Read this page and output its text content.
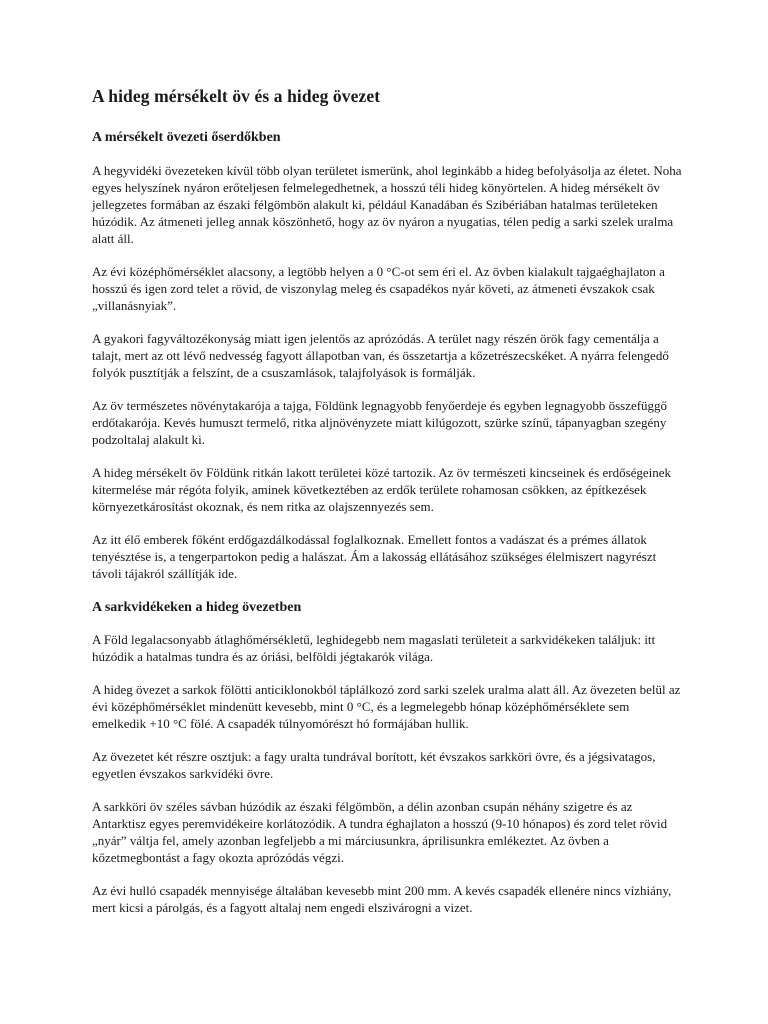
A hideg mérsékelt öv és a hideg övezet
A mérsékelt övezeti őserdőkben

A hegyvidéki övezeteken kívül több olyan területet ismerünk, ahol leginkább a hideg befolyásolja az életet. Noha egyes helyszínek nyáron erőteljesen felmelegedhetnek, a hosszú téli hideg könyörtelen. A hideg mérsékelt öv jellegzetes formában az északi félgömbön alakult ki, például Kanadában és Szibériában hatalmas területeken húzódik. Az átmeneti jelleg annak köszönhető, hogy az öv nyáron a nyugatias, télen pedig a sarki szelek uralma alatt áll.

Az évi középhőmérséklet alacsony, a legtöbb helyen a 0 °C-ot sem éri el. Az övben kialakult tajgaéghajlaton a hosszú és igen zord telet a rövid, de viszonylag meleg és csapadékos nyár követi, az átmeneti évszakok csak „villanásnyiak”.

A gyakori fagyváltozékonyság miatt igen jelentős az aprózódás. A terület nagy részén örök fagy cementálja a talajt, mert az ott lévő nedvesség fagyott állapotban van, és összetartja a kőzetrészecskéket. A nyárra felengedő folyók pusztítják a felszínt, de a csuszamlások, talajfolyások is formálják.

Az öv természetes növénytakarója a tajga, Földünk legnagyobb fenyőerdeje és egyben legnagyobb összefüggő erdőtakarója. Kevés humuszt termelő, ritka aljnövényzete miatt kilúgozott, szürke színű, tápanyagban szegény podzoltalaj alakult ki.

A hideg mérsékelt öv Földünk ritkán lakott területei közé tartozik. Az öv természeti kincseinek és erdőségeinek kitermelése már régóta folyik, aminek következtében az erdők területe rohamosan csökken, az építkezések környezetkárosítást okoznak, és nem ritka az olajszennyezés sem.

Az itt élő emberek főként erdőgazdálkodással foglalkoznak. Emellett fontos a vadászat és a prémes állatok tenyésztése is, a tengerpartokon pedig a halászat. Ám a lakosság ellátásához szükséges élelmiszert nagyrészt távoli tájakról szállítják ide.

A sarkvidékeken a hideg övezetben

A Föld legalacsonyabb átlaghőmérsékletű, leghidegebb nem magaslati területeit a sarkvidékeken találjuk: itt húzódik a hatalmas tundra és az óriási, belföldi jégtakarók világa.

A hideg övezet a sarkok fölötti anticiklonokból táplálkozó zord sarki szelek uralma alatt áll. Az övezeten belül az évi középhőmérséklet mindenütt kevesebb, mint 0 °C, és a legmelegebb hónap középhőmérséklete sem emelkedik +10 °C fölé. A csapadék túlnyomórészt hó formájában hullik.

Az övezetet két részre osztjuk: a fagy uralta tundrával borított, két évszakos sarkköri övre, és a jégsivatagos, egyetlen évszakos sarkvidéki övre.

A sarkköri öv széles sávban húzódik az északi félgömbön, a délin azonban csupán néhány szigetre és az Antarktisz egyes peremvidékeire korlátozódik. A tundra éghajlaton a hosszú (9-10 hónapos) és zord telet rövid „nyár” váltja fel, amely azonban legfeljebb a mi márciusunkra, áprilisunkra emlékeztet. Az övben a kőzetmegbontást a fagy okozta aprózódás végzi.

Az évi hulló csapadék mennyisége általában kevesebb mint 200 mm. A kevés csapadék ellenére nincs vízhiány, mert kicsi a párolgás, és a fagyott altalaj nem engedi elszivárogni a vizet.
